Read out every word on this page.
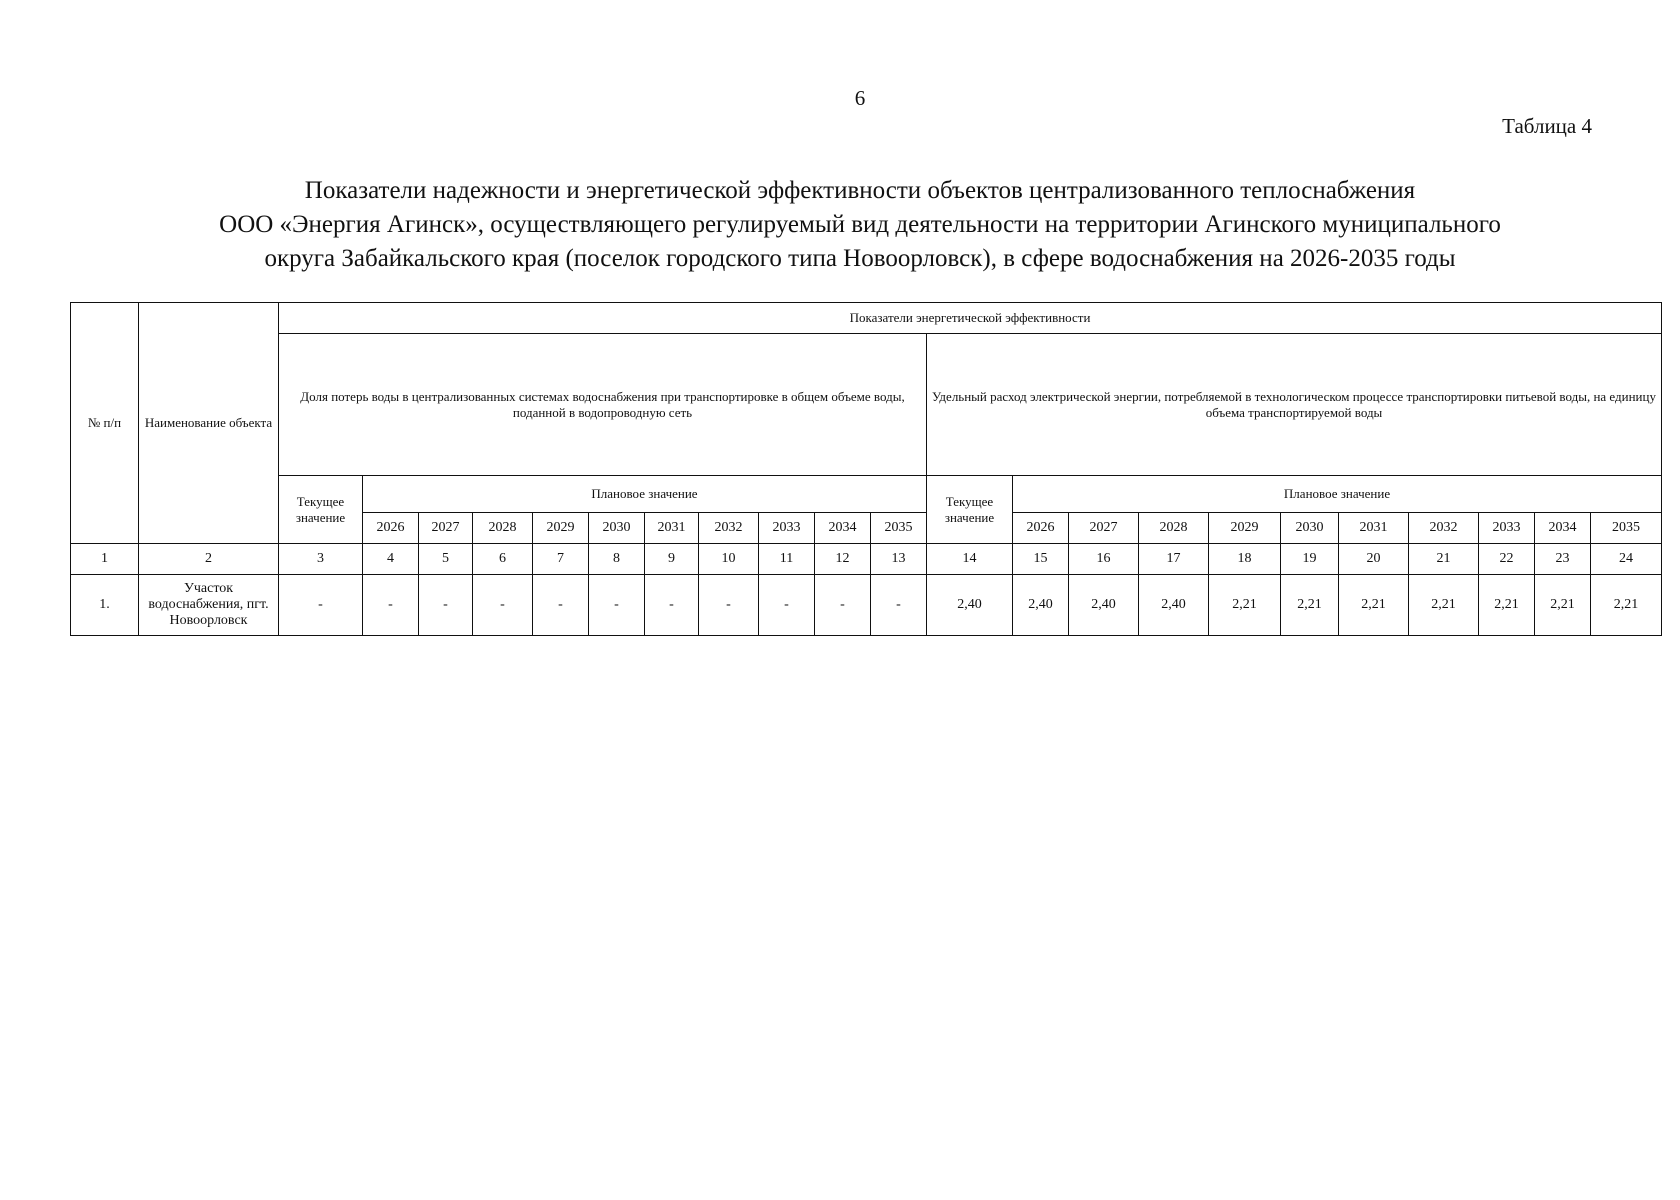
6
Таблица 4
Показатели надежности и энергетической эффективности объектов централизованного теплоснабжения
ООО «Энергия Агинск», осуществляющего регулируемый вид деятельности на территории Агинского муниципального
округа Забайкальского края (поселок городского типа Новоорловск), в сфере водоснабжения на 2026-2035 годы
№ п/п	Наименование объекта	Показатели энергетической эффективности																					
		Доля потерь воды в централизованных системах водоснабжения при транспортировке в общем объеме воды, поданной в водопроводную сеть											Удельный расход электрической энергии, потребляемой в технологическом процессе транспортировки питьевой воды, на единицу объема транспортируемой воды										
		Текущее значение	Плановое значение										Текущее значение	Плановое значение									
			2026	2027	2028	2029	2030	2031	2032	2033	2034	2035		2026	2027	2028	2029	2030	2031	2032	2033	2034	2035
1	2	3	4	5	6	7	8	9	10	11	12	13	14	15	16	17	18	19	20	21	22	23	24
1.	Участок водоснабжения, пгт. Новоорловск	-	-	-	-	-	-	-	-	-	-	-	2,40	2,40	2,40	2,40	2,21	2,21	2,21	2,21	2,21	2,21	2,21
